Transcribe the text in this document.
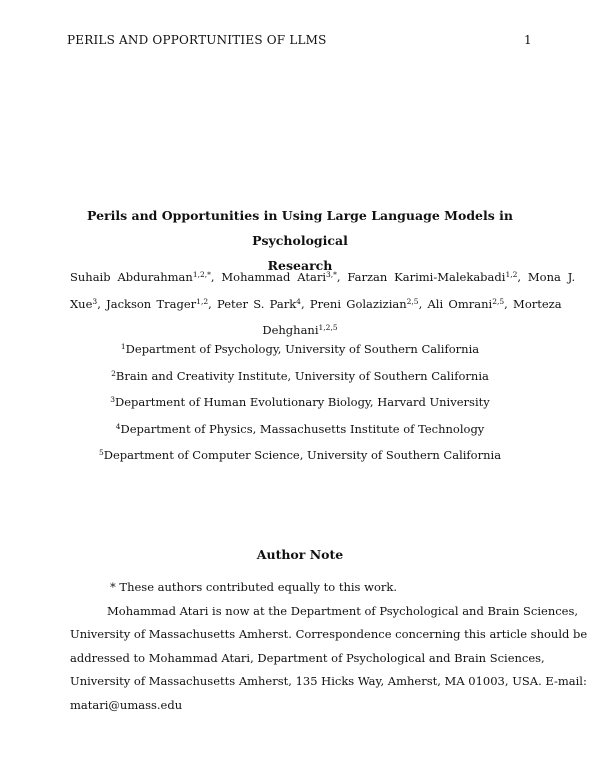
PERILS AND OPPORTUNITIES OF LLMS	1
Perils and Opportunities in Using Large Language Models in Psychological
Research
Suhaib Abdurahman$^{1,2,*}$, Mohammad Atari$^{3,*}$, Farzan Karimi-Malekabadi$^{1,2}$, Mona J.
Xue$^3$, Jackson Trager$^{1,2}$, Peter S. Park$^4$, Preni Golazizian$^{2,5}$, Ali Omrani$^{2,5}$, Morteza
Dehghani$^{1,2,5}$
$^1$Department of Psychology, University of Southern California
$^2$Brain and Creativity Institute, University of Southern California
$^3$Department of Human Evolutionary Biology, Harvard University
$^4$Department of Physics, Massachusetts Institute of Technology
$^5$Department of Computer Science, University of Southern California
Author Note
* These authors contributed equally to this work.
Mohammad Atari is now at the Department of Psychological and Brain Sciences,
University of Massachusetts Amherst. Correspondence concerning this article should be
addressed to Mohammad Atari, Department of Psychological and Brain Sciences,
University of Massachusetts Amherst, 135 Hicks Way, Amherst, MA 01003, USA. E-mail:
matari@umass.edu
